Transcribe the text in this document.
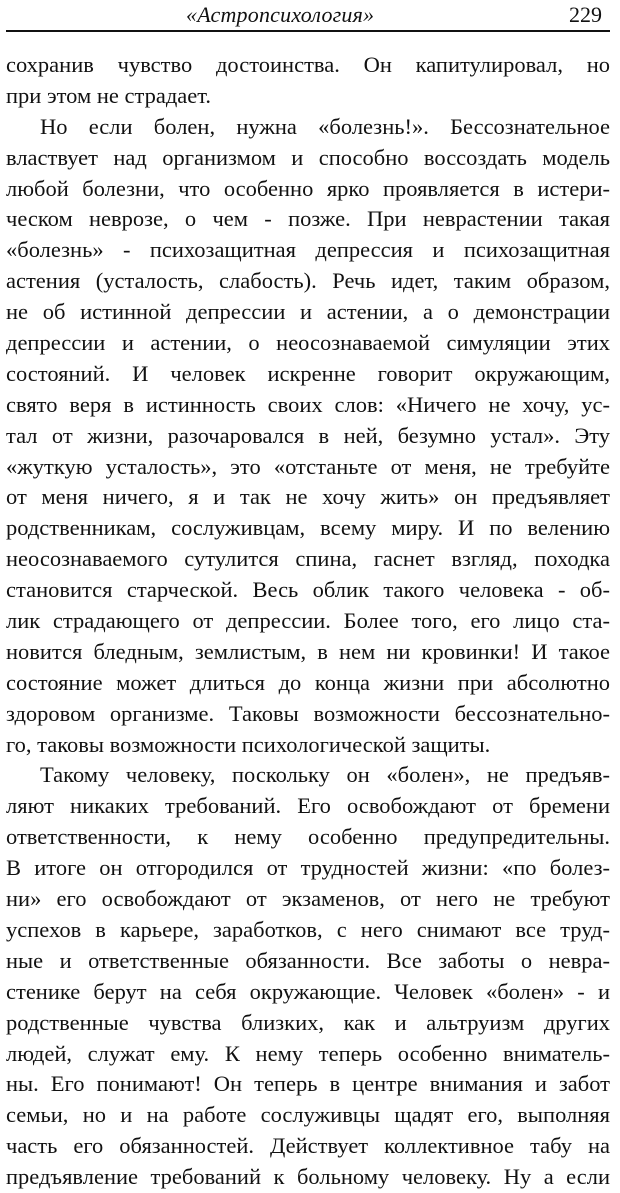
«Астропсихология»	229
сохранив чувство достоинства. Он капитулировал, но
при этом не страдает.
Но если болен, нужна «болезнь!». Бессознательное
властвует над организмом и способно воссоздать модель
любой болезни, что особенно ярко проявляется в истери-
ческом неврозе, о чем - позже. При неврастении такая
«болезнь» - психозащитная депрессия и психозащитная
астения (усталость, слабость). Речь идет, таким образом,
не об истинной депрессии и астении, а о демонстрации
депрессии и астении, о неосознаваемой симуляции этих
состояний. И человек искренне говорит окружающим,
свято веря в истинность своих слов: «Ничего не хочу, ус-
тал от жизни, разочаровался в ней, безумно устал». Эту
«жуткую усталость», это «отстаньте от меня, не требуйте
от меня ничего, я и так не хочу жить» он предъявляет
родственникам, сослуживцам, всему миру. И по велению
неосознаваемого сутулится спина, гаснет взгляд, походка
становится старческой. Весь облик такого человека - об-
лик страдающего от депрессии. Более того, его лицо ста-
новится бледным, землистым, в нем ни кровинки! И такое
состояние может длиться до конца жизни при абсолютно
здоровом организме. Таковы возможности бессознательно-
го, таковы возможности психологической защиты.
Такому человеку, поскольку он «болен», не предъяв-
ляют никаких требований. Его освобождают от бремени
ответственности, к нему особенно предупредительны.
В итоге он отгородился от трудностей жизни: «по болез-
ни» его освобождают от экзаменов, от него не требуют
успехов в карьере, заработков, с него снимают все труд-
ные и ответственные обязанности. Все заботы о невра-
стенике берут на себя окружающие. Человек «болен» - и
родственные чувства близких, как и альтруизм других
людей, служат ему. К нему теперь особенно вниматель-
ны. Его понимают! Он теперь в центре внимания и забот
семьи, но и на работе сослуживцы щадят его, выполняя
часть его обязанностей. Действует коллективное табу на
предъявление требований к больному человеку. Ну а если
